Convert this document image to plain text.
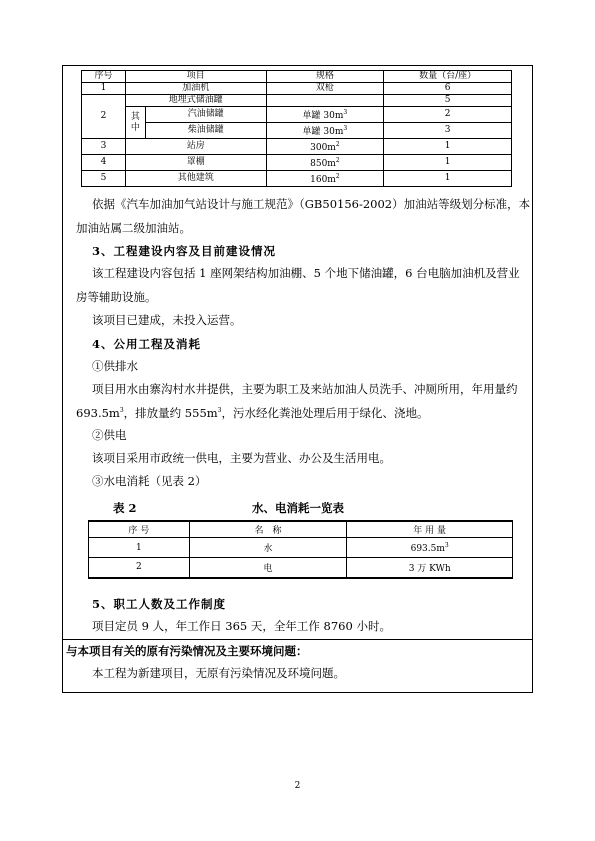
序号	项目		规格	数量（台/座）
1	加油机		双枪	6
2	地埋式储油罐			5
	其中	汽油储罐	单罐 $30m^3$	2
		柴油储罐	单罐 $30m^3$	3
3	站房		$300m^2$	1
4	罩棚		$850m^2$	1
5	其他建筑		$160m^2$	1
依据《汽车加油加气站设计与施工规范》（GB50156-2002）加油站等级划分标准，本
加油站属二级加油站。
3、工程建设内容及目前建设情况
该工程建设内容包括 1 座网架结构加油棚、5 个地下储油罐，6 台电脑加油机及营业
房等辅助设施。
该项目已建成，未投入运营。
4、公用工程及消耗
①供排水
项目用水由寨沟村水井提供，主要为职工及来站加油人员洗手、冲厕所用，年用量约
$693.5m^3$，排放量约 $555m^3$，污水经化粪池处理后用于绿化、浇地。
②供电
该项目采用市政统一供电，主要为营业、办公及生活用电。
③水电消耗（见表 2）
表 2	水、电消耗一览表
序 号	名　称	年 用 量
1	水	$693.5m^3$
2	电	3 万 KWh
5、职工人数及工作制度
项目定员 9 人，年工作日 365 天，全年工作 8760 小时。
与本项目有关的原有污染情况及主要环境问题：
本工程为新建项目，无原有污染情况及环境问题。
2
